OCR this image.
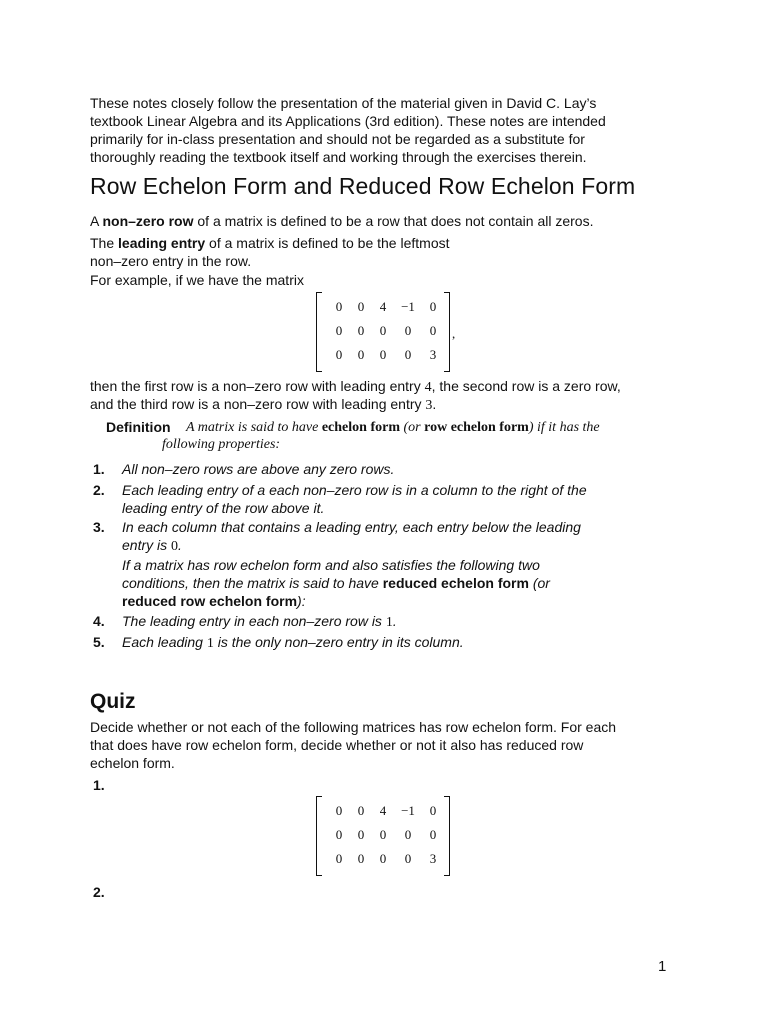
These notes closely follow the presentation of the material given in David C. Lay’s
textbook Linear Algebra and its Applications (3rd edition). These notes are intended
primarily for in-class presentation and should not be regarded as a substitute for
thoroughly reading the textbook itself and working through the exercises therein.
Row Echelon Form and Reduced Row Echelon Form
A non–zero row of a matrix is defined to be a row that does not contain all zeros.
The leading entry of a matrix is defined to be the leftmost
non–zero entry in the row.
For example, if we have the matrix
0	0	4	−1	0
0	0	0	0	0
0	0	0	0	3
,
then the first row is a non–zero row with leading entry 4, the second row is a zero row,
and the third row is a non–zero row with leading entry 3.
Definition A matrix is said to have echelon form (or row echelon form) if it has the
following properties:
1. All non–zero rows are above any zero rows.
2. Each leading entry of a each non–zero row is in a column to the right of the
leading entry of the row above it.
3. In each column that contains a leading entry, each entry below the leading
entry is 0.
If a matrix has row echelon form and also satisfies the following two
conditions, then the matrix is said to have reduced echelon form (or
reduced row echelon form):
4. The leading entry in each non–zero row is 1.
5. Each leading 1 is the only non–zero entry in its column.
Quiz
Decide whether or not each of the following matrices has row echelon form. For each
that does have row echelon form, decide whether or not it also has reduced row
echelon form.
1.
0	0	4	−1	0
0	0	0	0	0
0	0	0	0	3
2.
1
